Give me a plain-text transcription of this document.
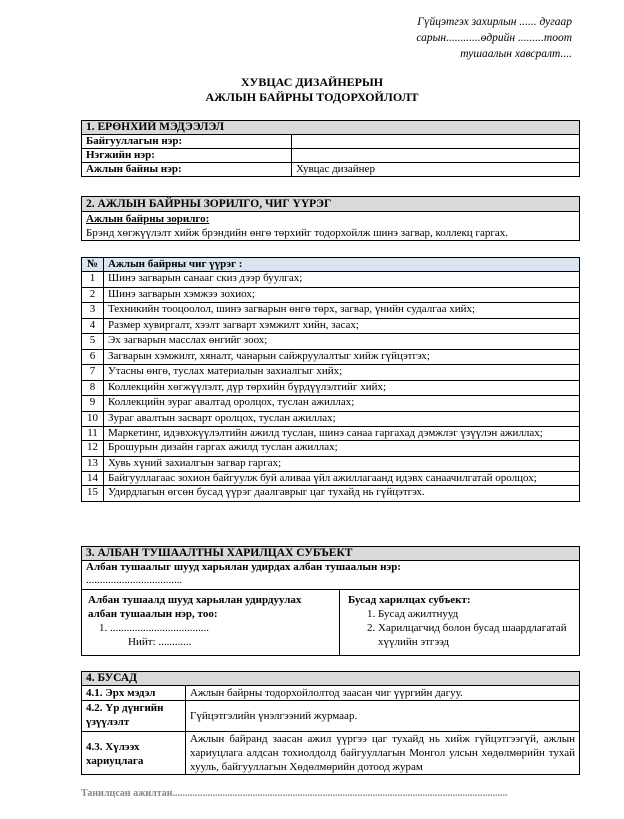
Гүйцэтгэх захирлын ...... дугаар
сарын............өдрийн .........тоот
тушаалын хавсралт....
ХУВЦАС ДИЗАЙНЕРЫН
АЖЛЫН БАЙРНЫ ТОДОРХОЙЛОЛТ
1. ЕРӨНХИЙ МЭДЭЭЛЭЛ	
Байгууллагын нэр:	
Нэгжийн нэр:	
Ажлын байны нэр:	Хувцас дизайнер
2. АЖЛЫН БАЙРНЫ ЗОРИЛГО, ЧИГ ҮҮРЭГ

Ажлын байрны зорилго:
Брэнд хөгжүүлэлт хийж брэндийн өнгө төрхийг тодорхойлж шинэ загвар, коллекц гаргах.
№	Ажлын байрны чиг үүрэг :
1	Шинэ загварын санааг скиз дээр буулгах;
2	Шинэ загварын хэмжээ зохиох;
3	Техникийн тооцоолол, шинэ загварын өнгө төрх, загвар, үнийн судалгаа хийх;
4	Размер хувиргалт, хээлт загварт хэмжилт хийн, засах;
5	Эх загварын масслах өнгийг зоох;
6	Загварын хэмжилт, хяналт, чанарын сайжруулалтыг хийж гүйцэтгэх;
7	Утасны өнгө, туслах материалын захиалгыг хийх;
8	Коллекцийн хөгжүүлэлт, дүр төрхийн бүрдүүлэлтийг хийх;
9	Коллекцийн зураг авалтад оролцох, туслан ажиллах;
10	Зураг авалтын засварт оролцох, туслан ажиллах;
11	Маркетинг, идэвхжүүлэлтийн ажилд туслан, шинэ санаа гаргахад дэмжлэг үзүүлэн ажиллах;
12	Брошурын дизайн гаргах ажилд туслан ажиллах;
13	Хувь хүний захиалгын загвар гаргах;
14	Байгууллагаас зохион байгуулж буй аливаа үйл ажиллагаанд идэвх санаачилгатай оролцох;
15	Удирдлагын өгсөн бусад үүрэг даалгаврыг цаг тухайд нь гүйцэтгэх.
3. АЛБАН ТУШААЛТНЫ ХАРИЛЦАХ СУБЪЕКТ

Албан тушаалыг шууд харьялан удирдах албан тушаалын нэр:
...................................

Албан тушаалд шууд харьялан удирдуулах албан тушаалын нэр, тоо:
1. ....................................
Нийт: ............

Бусад харилцах субъект:
1. Бусад ажилтнууд
2. Харилцагчид болон бусад шаардлагатай хүүлийн этгээд
4. БУСАД	
4.1. Эрх мэдэл	Ажлын байрны тодорхойлолтод заасан чиг үүргийн дагуу.
4.2. Үр дүнгийн үзүүлэлт	Гүйцэтгэлийн үнэлгээний журмаар.
4.3. Хүлээх хариуцлага	Ажлын байранд заасан ажил үүргээ цаг тухайд нь хийж гүйцэтгээгүй, ажлын хариуцлага алдсан тохиолдолд байгууллагын Монгол улсын хөдөлмөрийн тухай хууль, байгууллагын Хөдөлмөрийн дотоод журам
Танилцсан ажилтан......................................................................................................................................
